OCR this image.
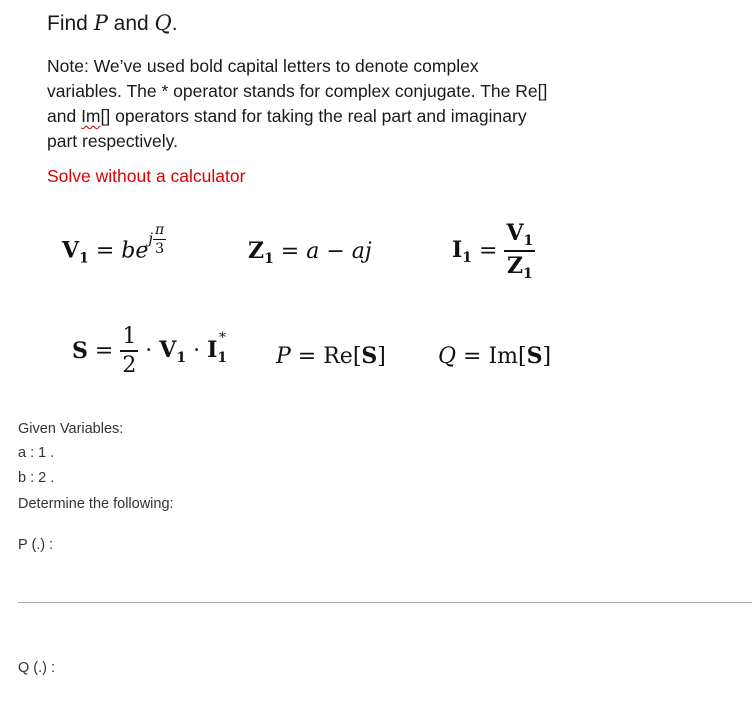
Find P and Q.
Note: We’ve used bold capital letters to denote complex
variables. The * operator stands for complex conjugate. The Re[]
and Im[] operators stand for taking the real part and imaginary
part respectively.
Solve without a calculator
$V_1$ = bej $\frac{\pi}{3}$	$Z_1 = a$ − aj	$I_1 = \frac{V_1}{Z_1}$
$S = \frac{1}{2} \cdot V_1 \cdot I$ *
$_1$ P = Re[S] Q = Im[S]
Given Variables:
a : 1 .
b : 2 .
Determine the following:
P (.) :
Q (.) :
